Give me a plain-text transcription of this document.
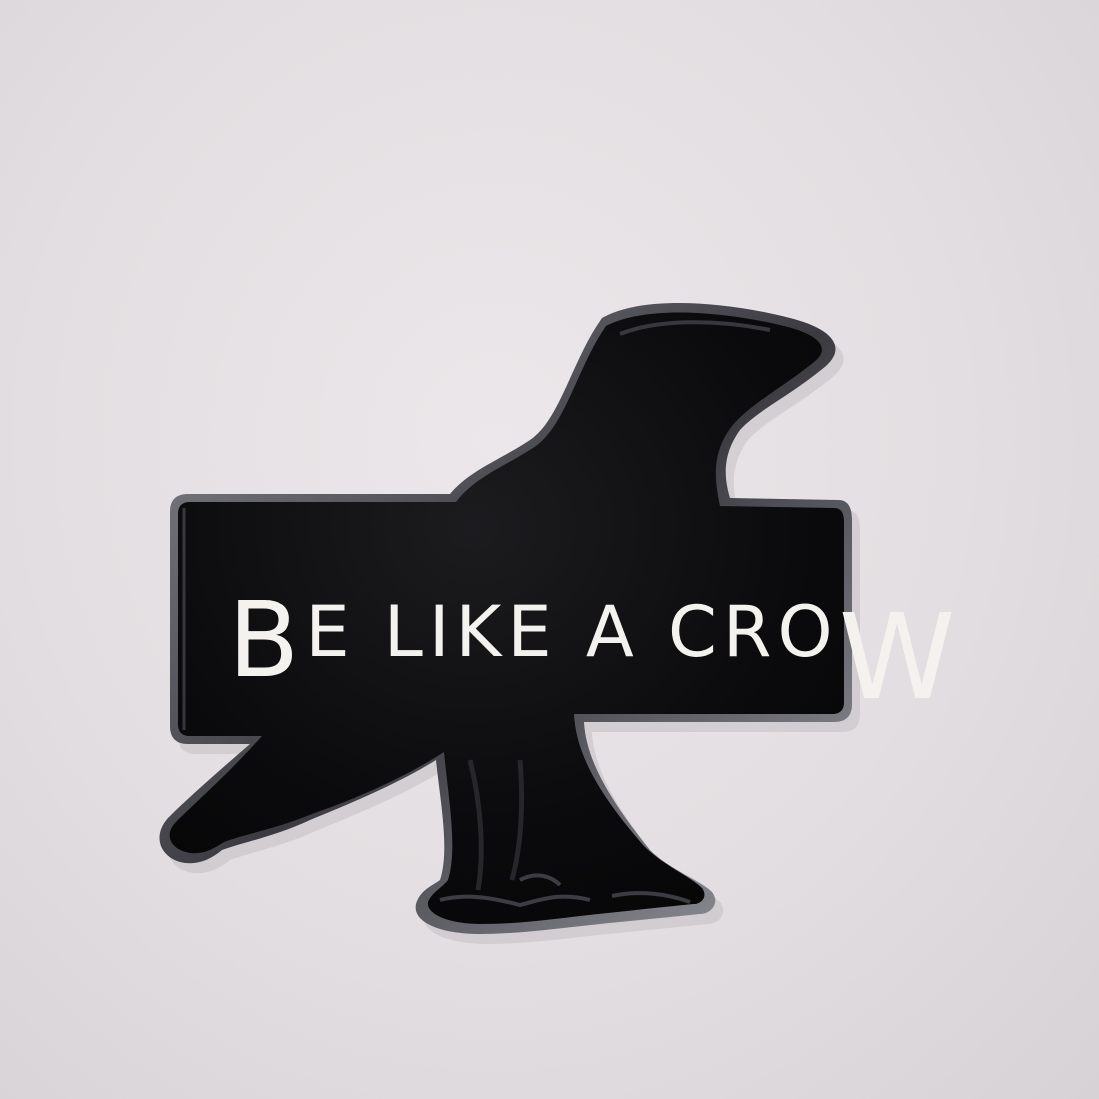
BE LIKE A CROW
